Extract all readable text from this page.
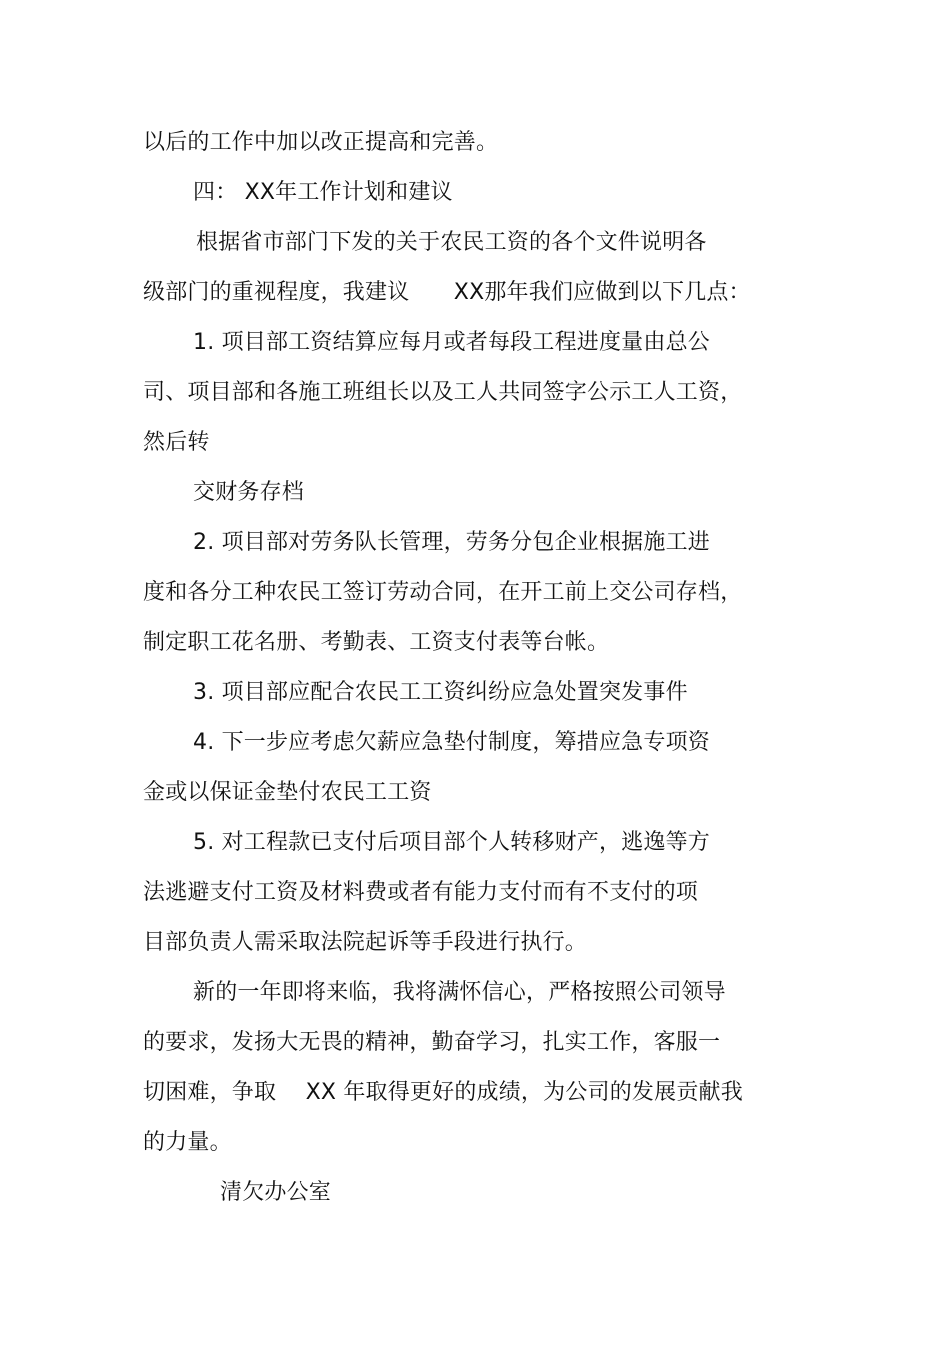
以后的工作中加以改正提高和完善。
四： XX年工作计划和建议
根据省市部门下发的关于农民工资的各个文件说明各
级部门的重视程度，我建议　　XX那年我们应做到以下几点：
1. 项目部工资结算应每月或者每段工程进度量由总公
司、项目部和各施工班组长以及工人共同签字公示工人工资，
然后转
交财务存档
2. 项目部对劳务队长管理，劳务分包企业根据施工进
度和各分工种农民工签订劳动合同，在开工前上交公司存档，
制定职工花名册、考勤表、工资支付表等台帐。
3. 项目部应配合农民工工资纠纷应急处置突发事件
4. 下一步应考虑欠薪应急垫付制度，筹措应急专项资
金或以保证金垫付农民工工资
5. 对工程款已支付后项目部个人转移财产，逃逸等方
法逃避支付工资及材料费或者有能力支付而有不支付的项
目部负责人需采取法院起诉等手段进行执行。
新的一年即将来临，我将满怀信心，严格按照公司领导
的要求，发扬大无畏的精神，勤奋学习，扎实工作，客服一
切困难，争取　 XX 年取得更好的成绩，为公司的发展贡献我
的力量。
清欠办公室
